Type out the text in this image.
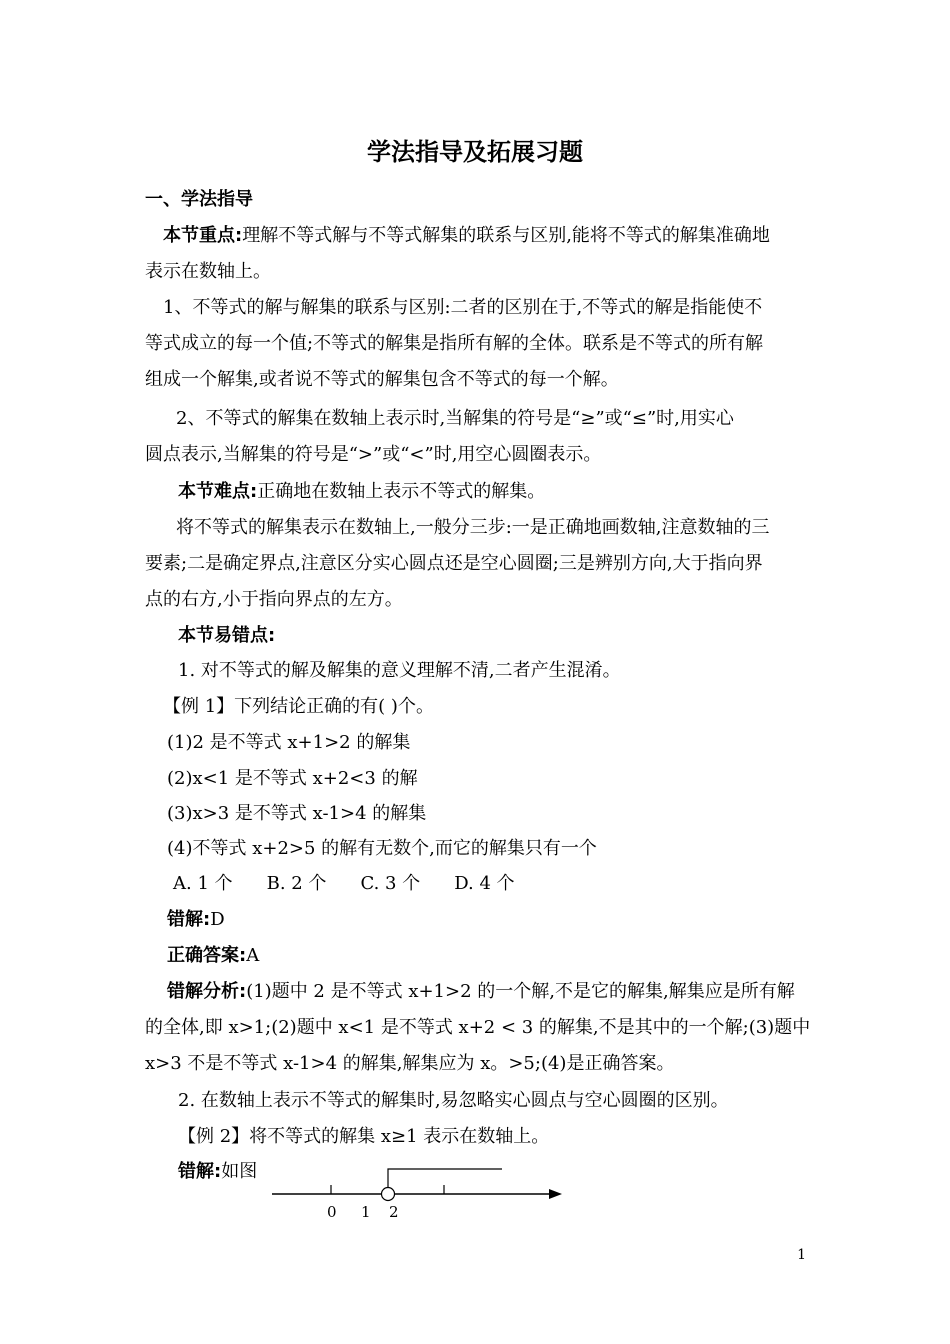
学法指导及拓展习题
一、学法指导
本节重点:理解不等式解与不等式解集的联系与区别,能将不等式的解集准确地
表示在数轴上。
1、不等式的解与解集的联系与区别:二者的区别在于,不等式的解是指能使不
等式成立的每一个值;不等式的解集是指所有解的全体。联系是不等式的所有解
组成一个解集,或者说不等式的解集包含不等式的每一个解。
2、不等式的解集在数轴上表示时,当解集的符号是“≥”或“≤”时,用实心
圆点表示,当解集的符号是“>”或“<”时,用空心圆圈表示。
本节难点:正确地在数轴上表示不等式的解集。
将不等式的解集表示在数轴上,一般分三步:一是正确地画数轴,注意数轴的三
要素;二是确定界点,注意区分实心圆点还是空心圆圈;三是辨别方向,大于指向界
点的右方,小于指向界点的左方。
本节易错点:
1. 对不等式的解及解集的意义理解不清,二者产生混淆。
【例 1】下列结论正确的有( )个。
(1)2 是不等式 x+1>2 的解集
(2)x<1 是不等式 x+2<3 的解
(3)x>3 是不等式 x-1>4 的解集
(4)不等式 x+2>5 的解有无数个,而它的解集只有一个
A. 1 个 B. 2 个 C. 3 个 D. 4 个
错解:D
正确答案:A
错解分析:(1)题中 2 是不等式 x+1>2 的一个解,不是它的解集,解集应是所有解
的全体,即 x>1;(2)题中 x<1 是不等式 x+2 < 3 的解集,不是其中的一个解;(3)题中
x>3 不是不等式 x-1>4 的解集,解集应为 x。>5;(4)是正确答案。
2. 在数轴上表示不等式的解集时,易忽略实心圆点与空心圆圈的区别。
【例 2】将不等式的解集 x≥1 表示在数轴上。
错解:如图
0 1 2
1
